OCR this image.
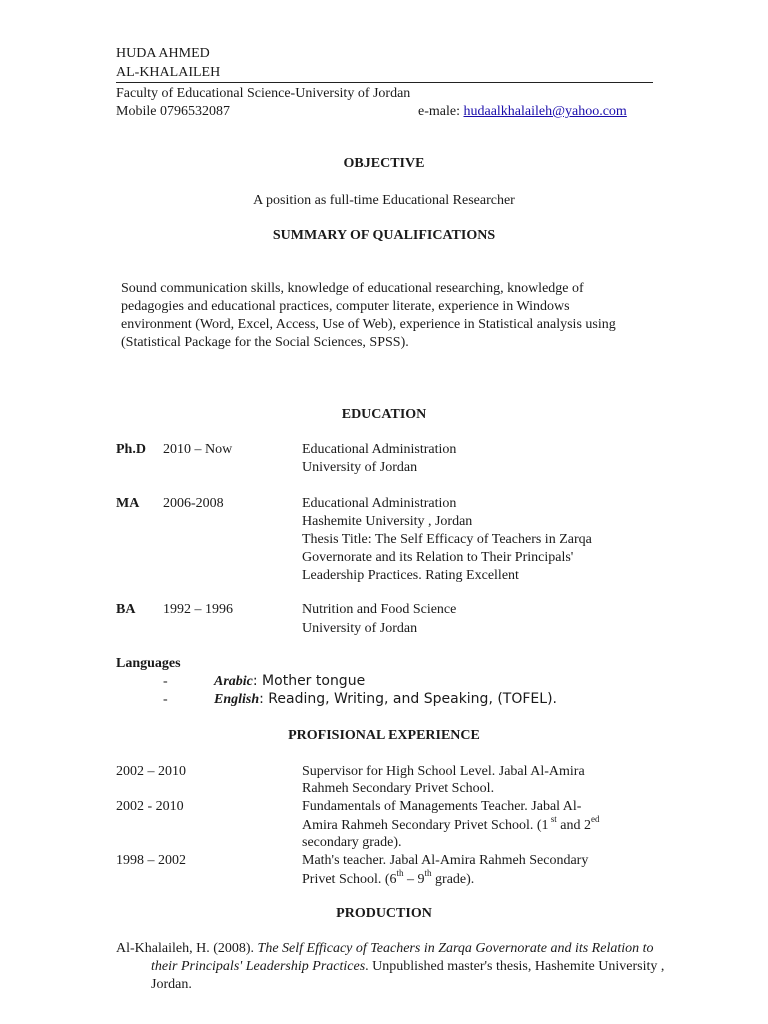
HUDA AHMED
AL-KHALAILEH
Faculty of Educational Science-University of Jordan
Mobile 0796532087	e-male: hudaalkhalaileh@yahoo.com
OBJECTIVE
A position as full-time Educational Researcher
SUMMARY OF QUALIFICATIONS
Sound communication skills, knowledge of educational researching, knowledge of pedagogies and educational practices, computer literate, experience in Windows environment (Word, Excel, Access, Use of Web), experience in Statistical analysis using (Statistical Package for the Social Sciences, SPSS).
EDUCATION
Ph.D 2010 – Now	Educational Administration
University of Jordan
MA 2006-2008	Educational Administration
Hashemite University , Jordan
Thesis Title: The Self Efficacy of Teachers in Zarqa
Governorate and its Relation to Their Principals'
Leadership Practices. Rating Excellent
BA 1992 – 1996	Nutrition and Food Science
University of Jordan
Languages
-	Arabic: Mother tongue
-	English: Reading, Writing, and Speaking, (TOFEL).
PROFISIONAL EXPERIENCE
2002 – 2010	Supervisor for High School Level. Jabal Al-Amira
Rahmeh Secondary Privet School.
2002 - 2010	Fundamentals of Managements Teacher. Jabal Al-
Amira Rahmeh Secondary Privet School. (1 $^{st}$ and $2^{ed}$
secondary grade).
1998 – 2002	Math's teacher. Jabal Al-Amira Rahmeh Secondary
Privet School. (6th – 9th grade).
PRODUCTION
Al-Khalaileh, H. (2008). The Self Efficacy of Teachers in Zarqa Governorate and its Relation to their Principals' Leadership Practices. Unpublished master's thesis, Hashemite University , Jordan.
